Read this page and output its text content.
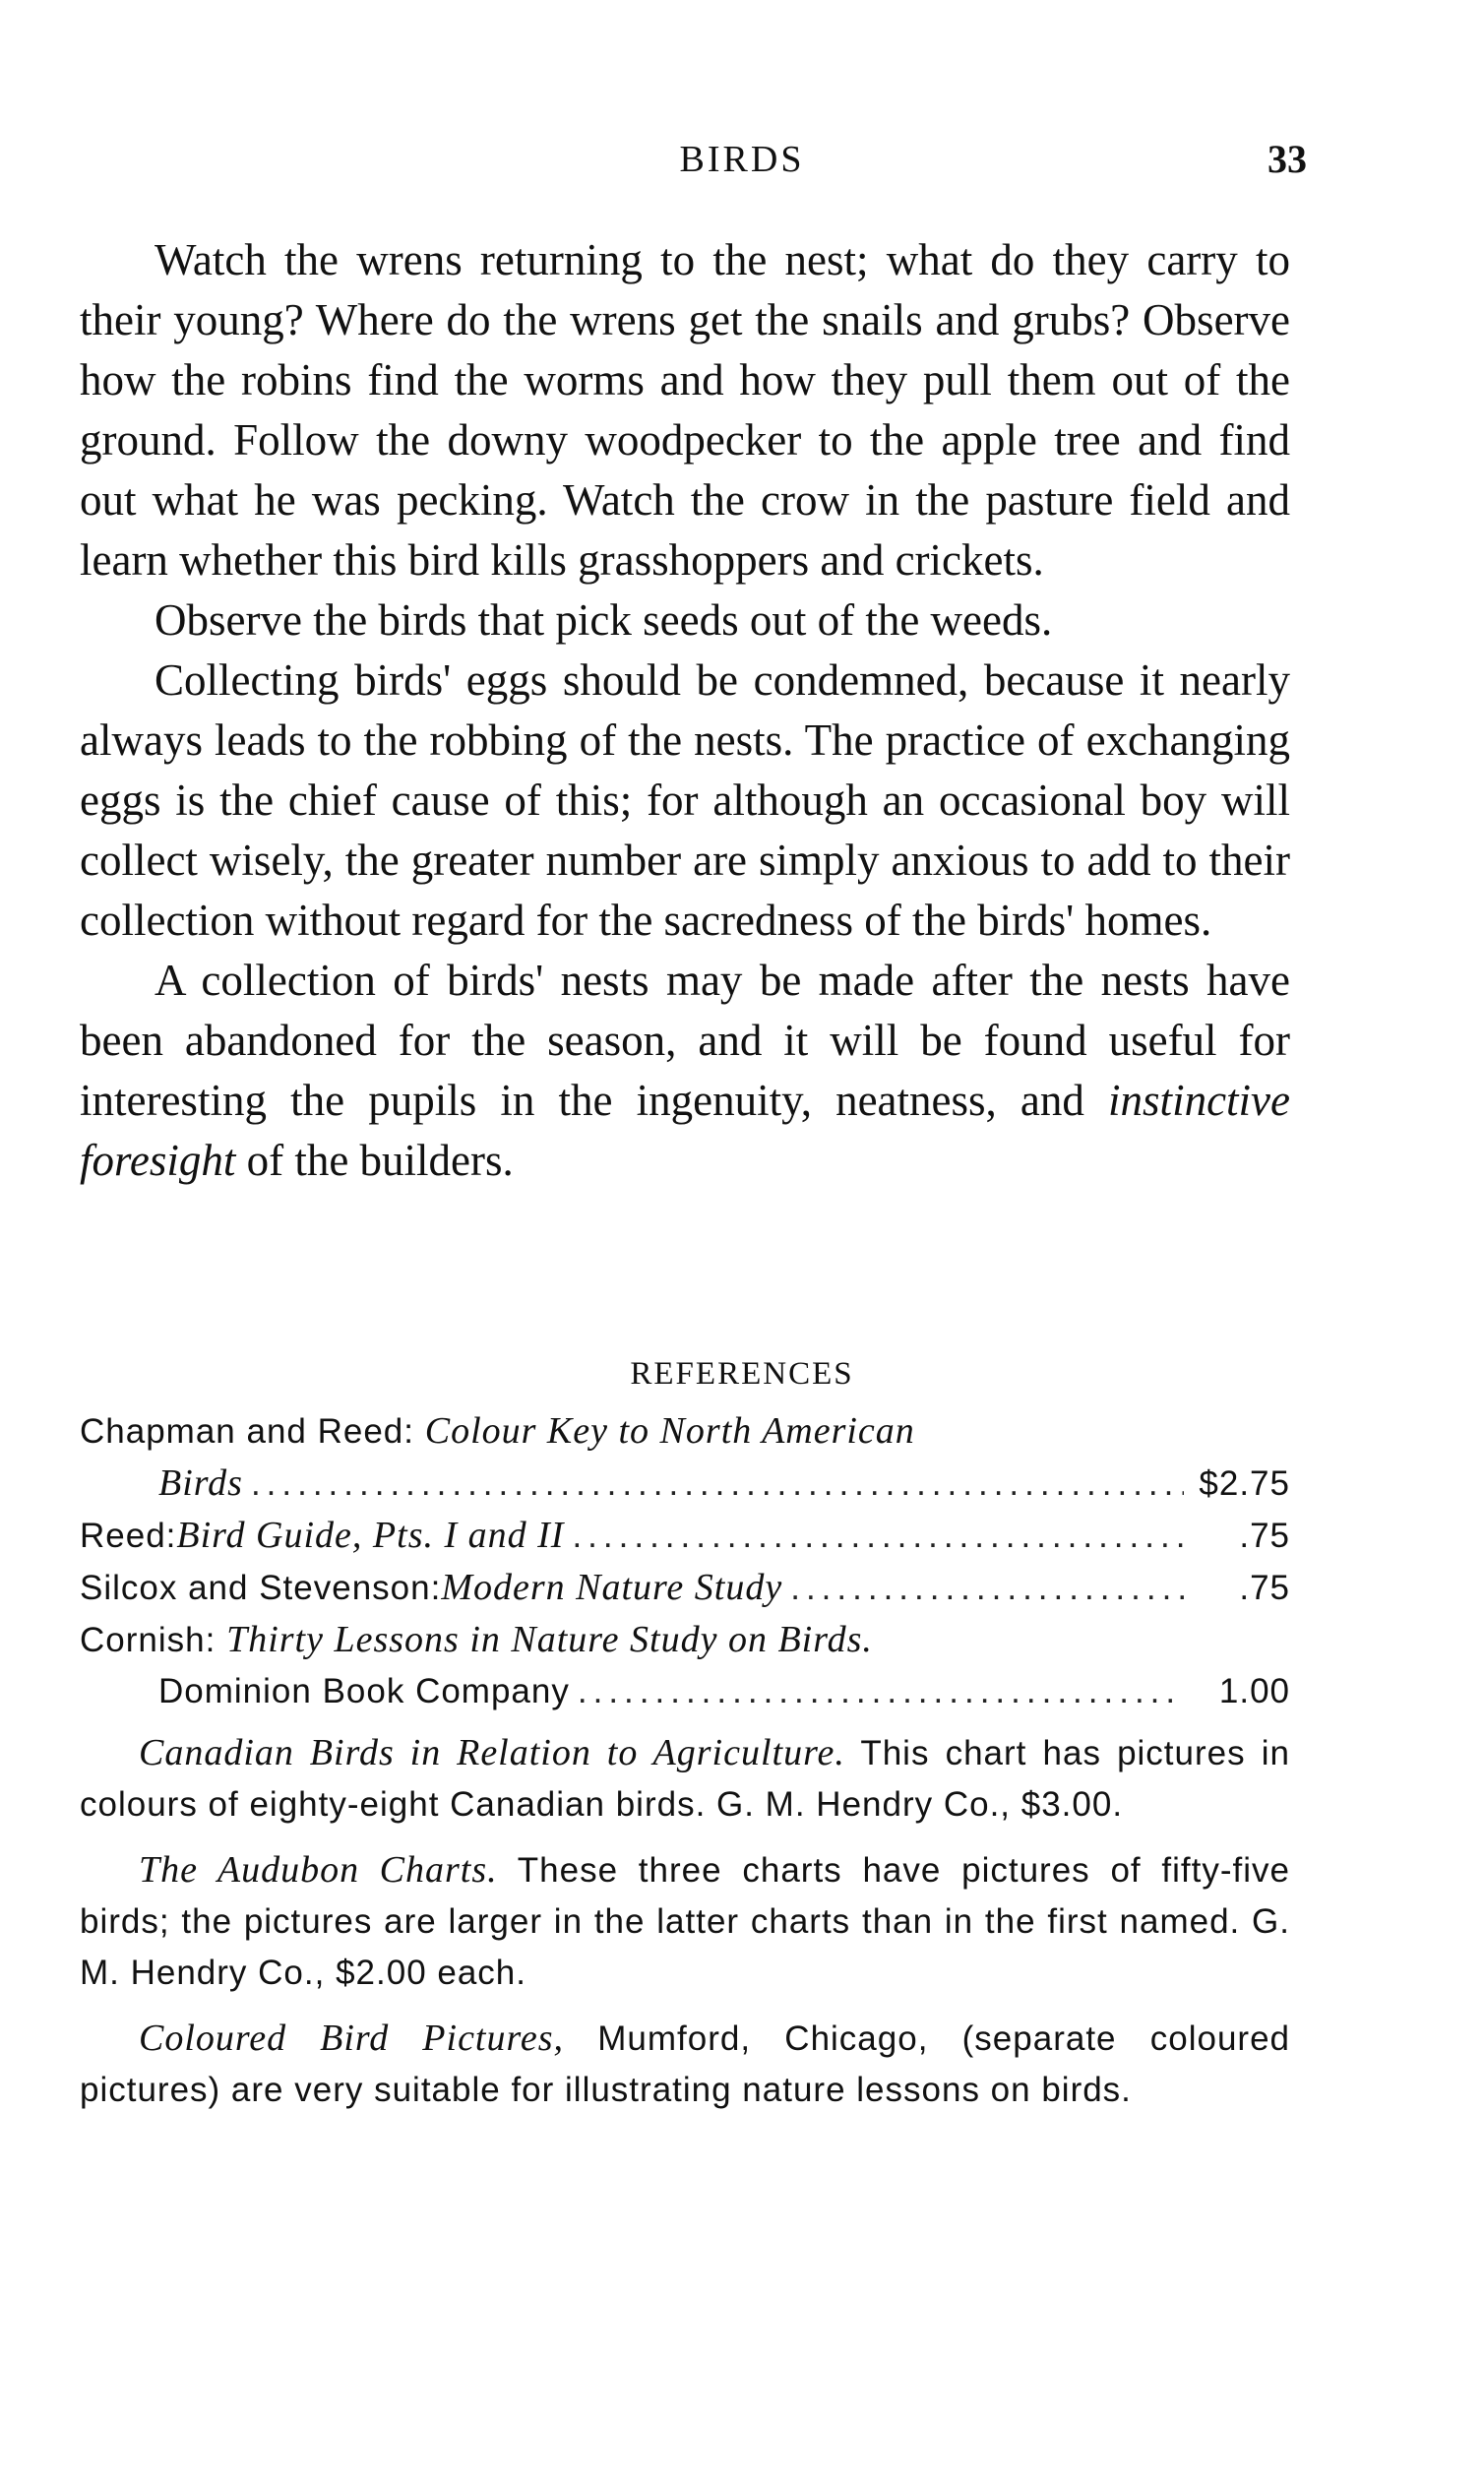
BIRDS	33

Watch the wrens returning to the nest; what do they carry to their young? Where do the wrens get the snails and grubs? Observe how the robins find the worms and how they pull them out of the ground. Follow the downy woodpecker to the apple tree and find out what he was pecking. Watch the crow in the pasture field and learn whether this bird kills grasshoppers and crickets.

Observe the birds that pick seeds out of the weeds.

Collecting birds' eggs should be condemned, because it nearly always leads to the robbing of the nests. The practice of exchanging eggs is the chief cause of this; for although an occasional boy will collect wisely, the greater number are simply anxious to add to their collection without regard for the sacredness of the birds' homes.

A collection of birds' nests may be made after the nests have been abandoned for the season, and it will be found useful for interesting the pupils in the ingenuity, neatness, and instinctive foresight of the builders.

REFERENCES
Chapman and Reed: Colour Key to North American
Birds .....	$2.75
Reed: Bird Guide, Pts. I and II .....	.75
Silcox and Stevenson: Modern Nature Study .....	.75
Cornish: Thirty Lessons in Nature Study on Birds.
Dominion Book Company .....	1.00

Canadian Birds in Relation to Agriculture. This chart has pictures in colours of eighty-eight Canadian birds. G. M. Hendry Co., $3.00.

The Audubon Charts. These three charts have pictures of fifty-five birds; the pictures are larger in the latter charts than in the first named. G. M. Hendry Co., $2.00 each.

Coloured Bird Pictures, Mumford, Chicago, (separate coloured pictures) are very suitable for illustrating nature lessons on birds.
